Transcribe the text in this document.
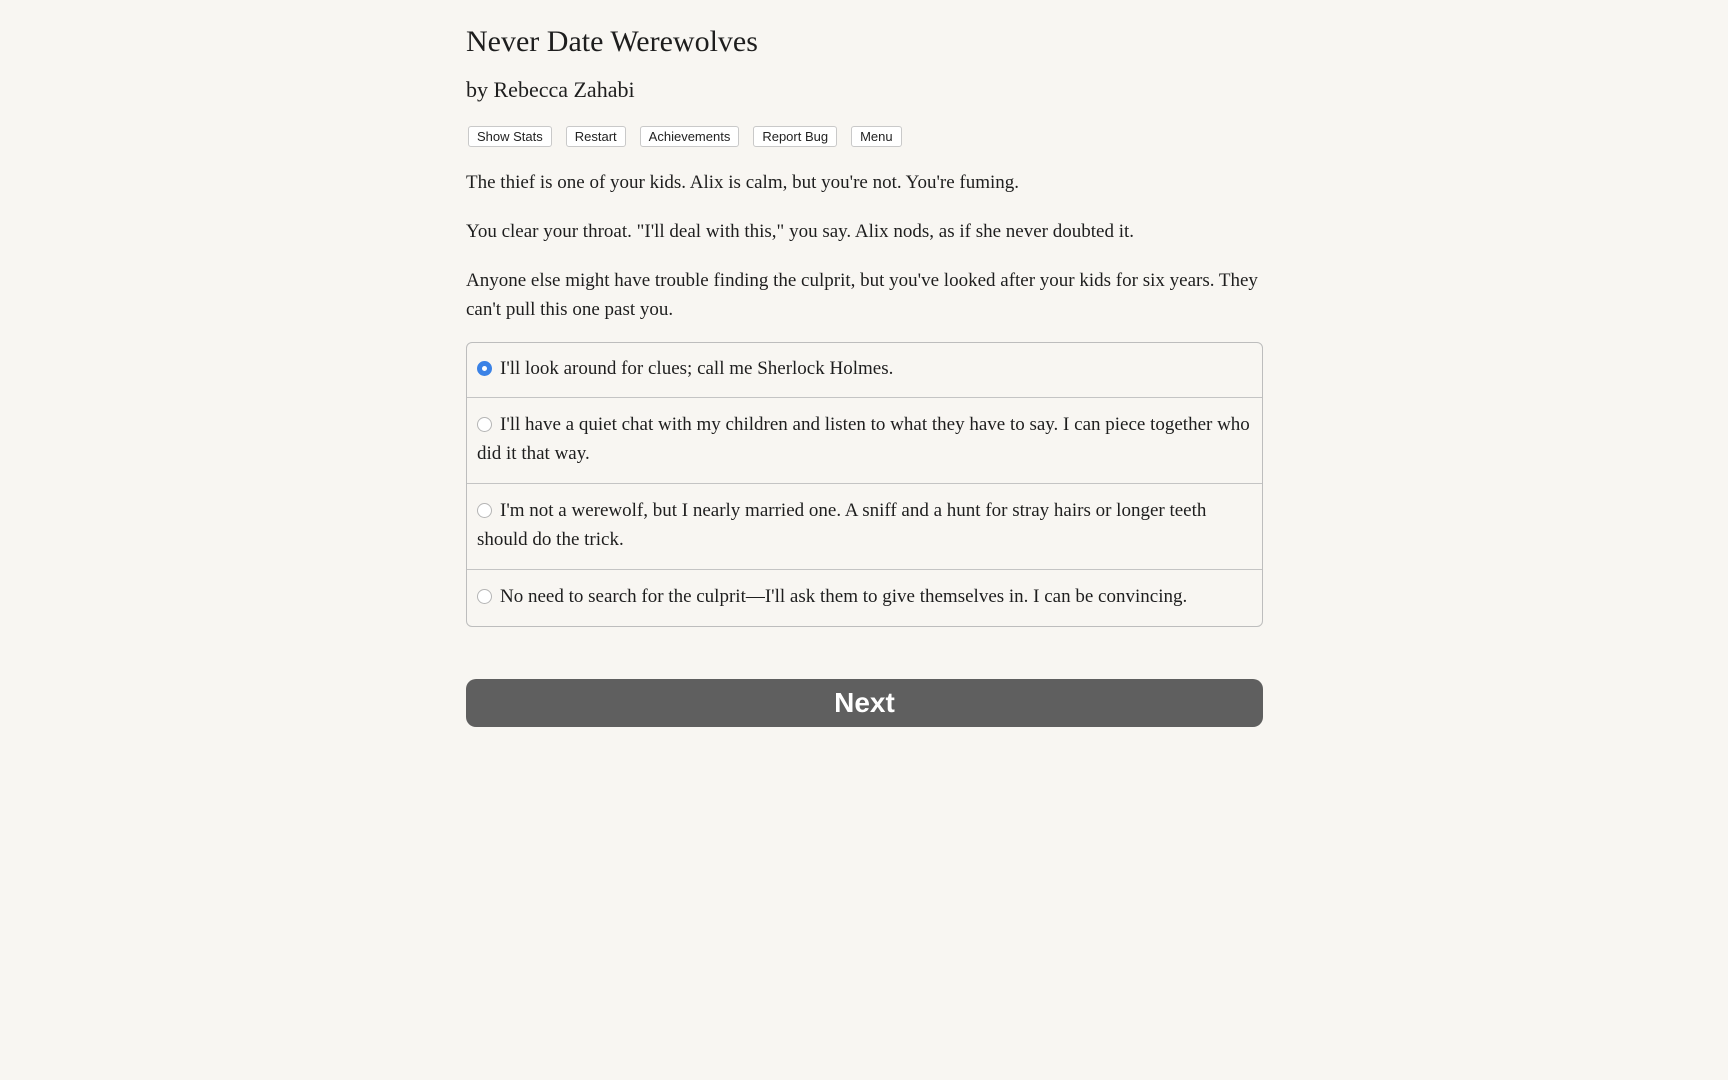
Never Date Werewolves
by Rebecca Zahabi
Show Stats	Restart	Achievements	Report Bug	Menu

The thief is one of your kids. Alix is calm, but you're not. You're fuming.

You clear your throat. "I'll deal with this," you say. Alix nods, as if she never doubted it.

Anyone else might have trouble finding the culprit, but you've looked after your kids for six years. They can't pull this one past you.

I'll look around for clues; call me Sherlock Holmes.
I'll have a quiet chat with my children and listen to what they have to say. I can piece together who did it that way.
I'm not a werewolf, but I nearly married one. A sniff and a hunt for stray hairs or longer teeth should do the trick.
No need to search for the culprit—I'll ask them to give themselves in. I can be convincing.
Next
